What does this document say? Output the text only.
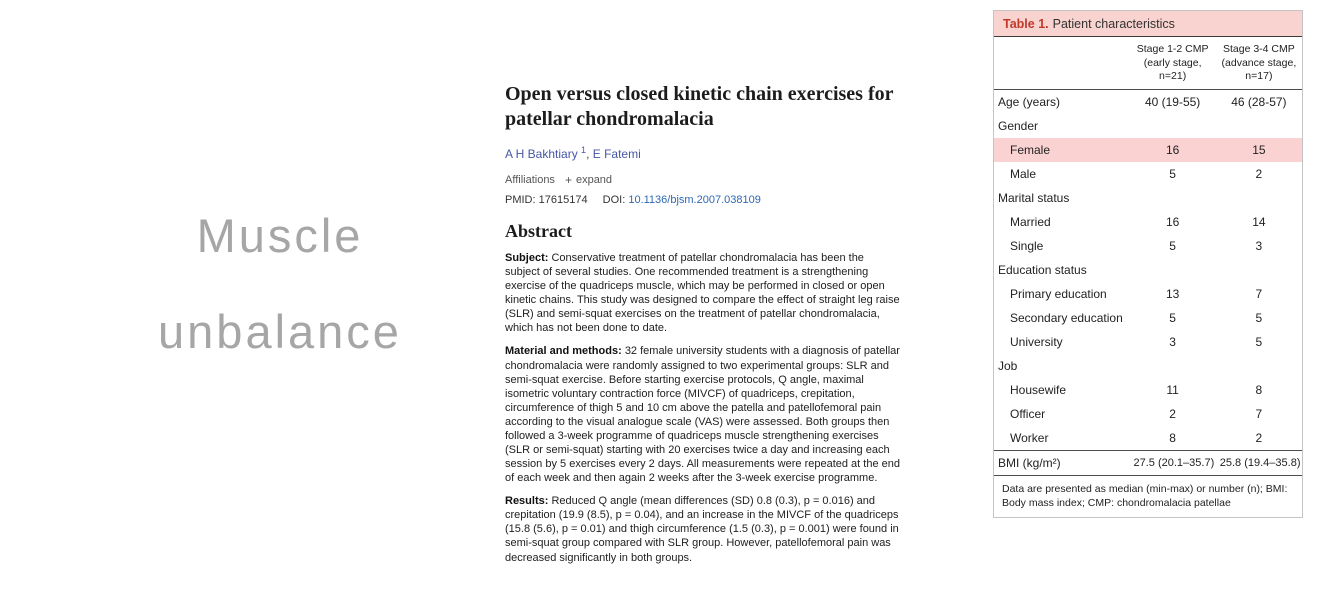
Muscle
unbalance
Open versus closed kinetic chain exercises for patellar chondromalacia
A H Bakhtiary $^1$, E Fatemi
Affiliations + expand
PMID: 17615174 DOI: 10.1136/bjsm.2007.038109
Abstract

Subject: Conservative treatment of patellar chondromalacia has been the subject of several studies. One recommended treatment is a strengthening exercise of the quadriceps muscle, which may be performed in closed or open kinetic chains. This study was designed to compare the effect of straight leg raise (SLR) and semi-squat exercises on the treatment of patellar chondromalacia, which has not been done to date.

Material and methods: 32 female university students with a diagnosis of patellar chondromalacia were randomly assigned to two experimental groups: SLR and semi-squat exercise. Before starting exercise protocols, Q angle, maximal isometric voluntary contraction force (MIVCF) of quadriceps, crepitation, circumference of thigh 5 and 10 cm above the patella and patellofemoral pain according to the visual analogue scale (VAS) were assessed. Both groups then followed a 3-week programme of quadriceps muscle strengthening exercises (SLR or semi-squat) starting with 20 exercises twice a day and increasing each session by 5 exercises every 2 days. All measurements were repeated at the end of each week and then again 2 weeks after the 3-week exercise programme.

Results: Reduced Q angle (mean differences (SD) 0.8 (0.3), p = 0.016) and crepitation (19.9 (8.5), p = 0.04), and an increase in the MIVCF of the quadriceps (15.8 (5.6), p = 0.01) and thigh circumference (1.5 (0.3), p = 0.001) were found in semi-squat group compared with SLR group. However, patellofemoral pain was decreased significantly in both groups.

Table 1. Patient characteristics
	Stage 1-2 CMP (early stage, n=21)	Stage 3-4 CMP (advance stage, n=17)
Age (years)	40 (19-55)	46 (28-57)
Gender		
Female	16	15
Male	5	2
Marital status		
Married	16	14
Single	5	3
Education status		
Primary education	13	7
Secondary education	5	5
University	3	5
Job		
Housewife	11	8
Officer	2	7
Worker	8	2
BMI (kg/m²)	27.5 (20.1–35.7)	25.8 (19.4–35.8)
Data are presented as median (min-max) or number (n); BMI: Body mass index; CMP: chondromalacia patellae
